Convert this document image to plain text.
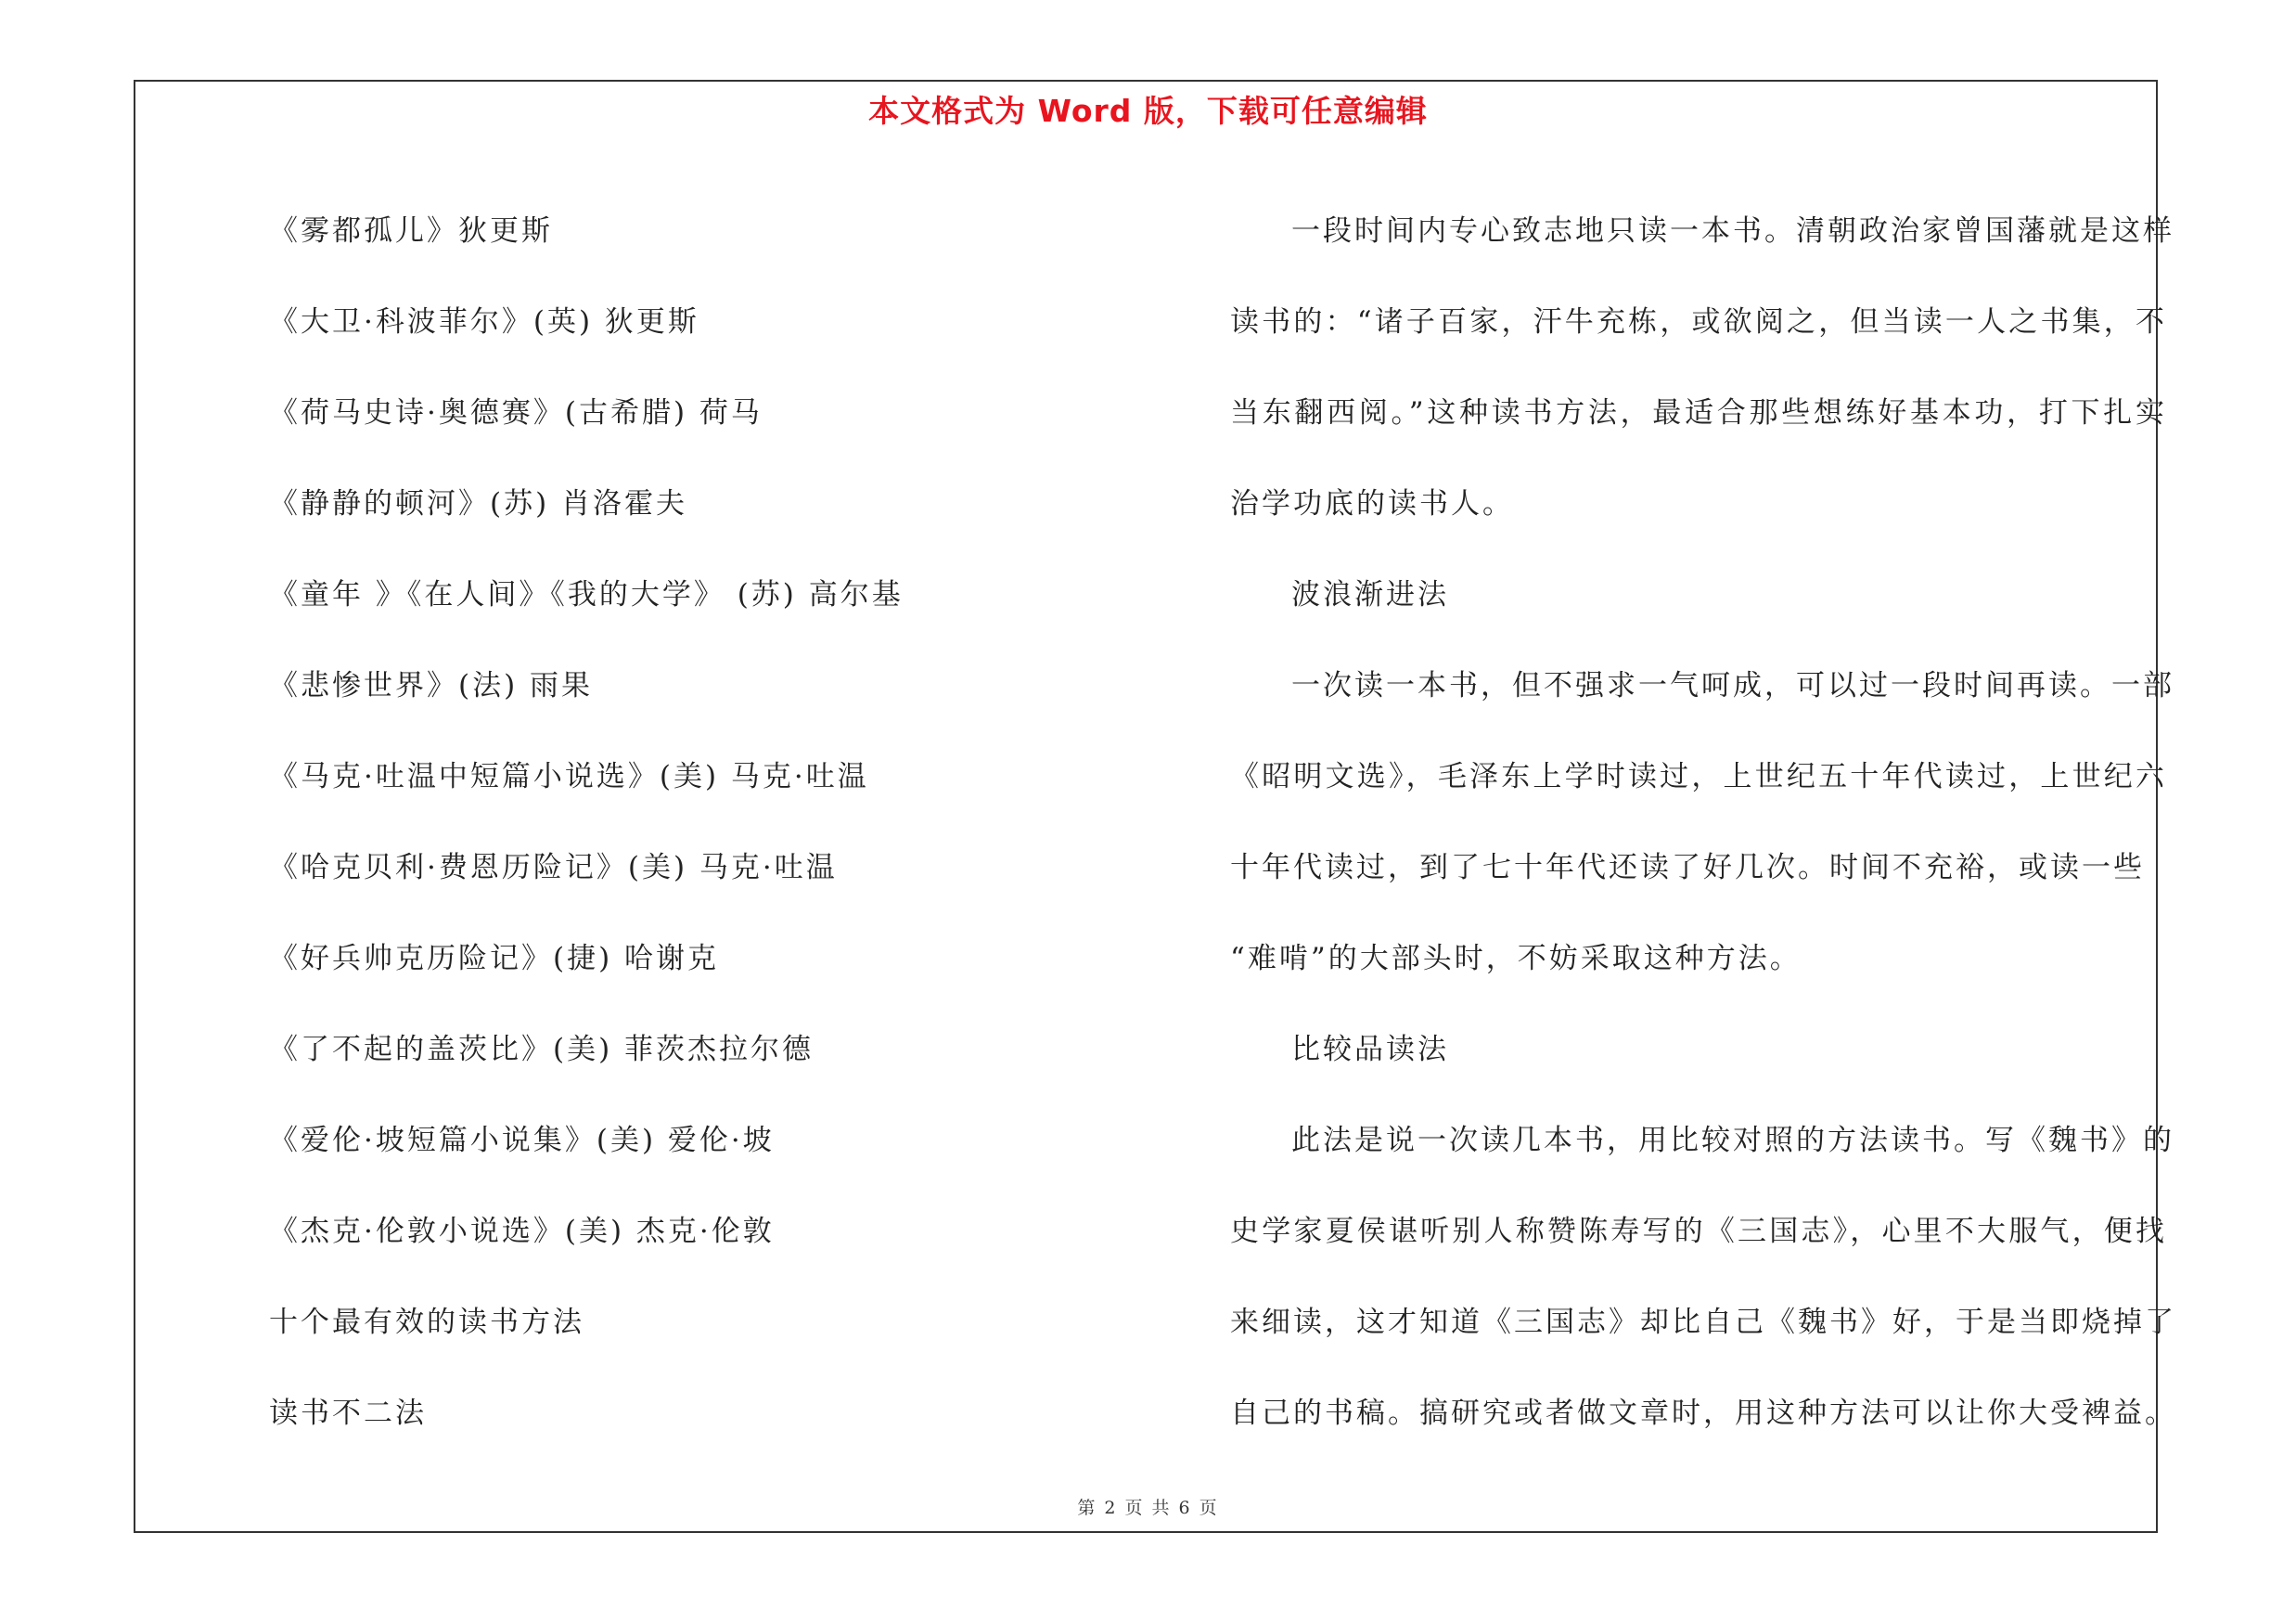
本文格式为 Word 版，下载可任意编辑
《雾都孤儿》狄更斯
《大卫·科波菲尔》(英) 狄更斯
《荷马史诗·奥德赛》(古希腊) 荷马
《静静的顿河》(苏) 肖洛霍夫
《童年 》《在人间》《我的大学》 (苏) 高尔基
《悲惨世界》(法) 雨果
《马克·吐温中短篇小说选》(美) 马克·吐温
《哈克贝利·费恩历险记》(美) 马克·吐温
《好兵帅克历险记》(捷) 哈谢克
《了不起的盖茨比》(美) 菲茨杰拉尔德
《爱伦·坡短篇小说集》(美) 爱伦·坡
《杰克·伦敦小说选》(美) 杰克·伦敦
十个最有效的读书方法
读书不二法
一段时间内专心致志地只读一本书。清朝政治家曾国藩就是这样
读书的：“诸子百家，汗牛充栋，或欲阅之，但当读一人之书集，不
当东翻西阅。”这种读书方法，最适合那些想练好基本功，打下扎实
治学功底的读书人。
波浪渐进法
一次读一本书，但不强求一气呵成，可以过一段时间再读。一部
《昭明文选》，毛泽东上学时读过，上世纪五十年代读过，上世纪六
十年代读过，到了七十年代还读了好几次。时间不充裕，或读一些
“难啃”的大部头时，不妨采取这种方法。
比较品读法
此法是说一次读几本书，用比较对照的方法读书。写《魏书》的
史学家夏侯谌听别人称赞陈寿写的《三国志》，心里不大服气，便找
来细读，这才知道《三国志》却比自己《魏书》好，于是当即烧掉了
自己的书稿。搞研究或者做文章时，用这种方法可以让你大受裨益。
第 2 页 共 6 页
